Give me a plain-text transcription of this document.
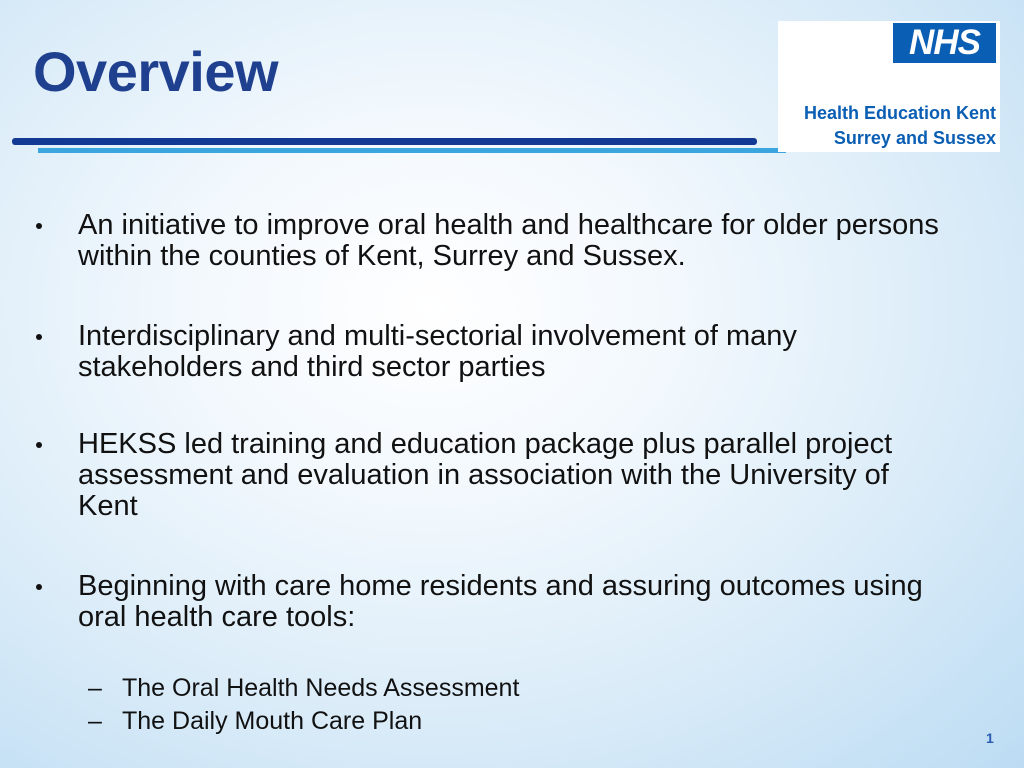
Overview	NHS
Health Education Kent
Surrey and Sussex
An initiative to improve oral health and healthcare for older persons within the counties of Kent, Surrey and Sussex.
Interdisciplinary and multi-sectorial involvement of many stakeholders and third sector parties
HEKSS led training and education package plus parallel project assessment and evaluation in association with the University of Kent
Beginning with care home residents and assuring outcomes using oral health care tools:
– The Oral Health Needs Assessment
– The Daily Mouth Care Plan
1
